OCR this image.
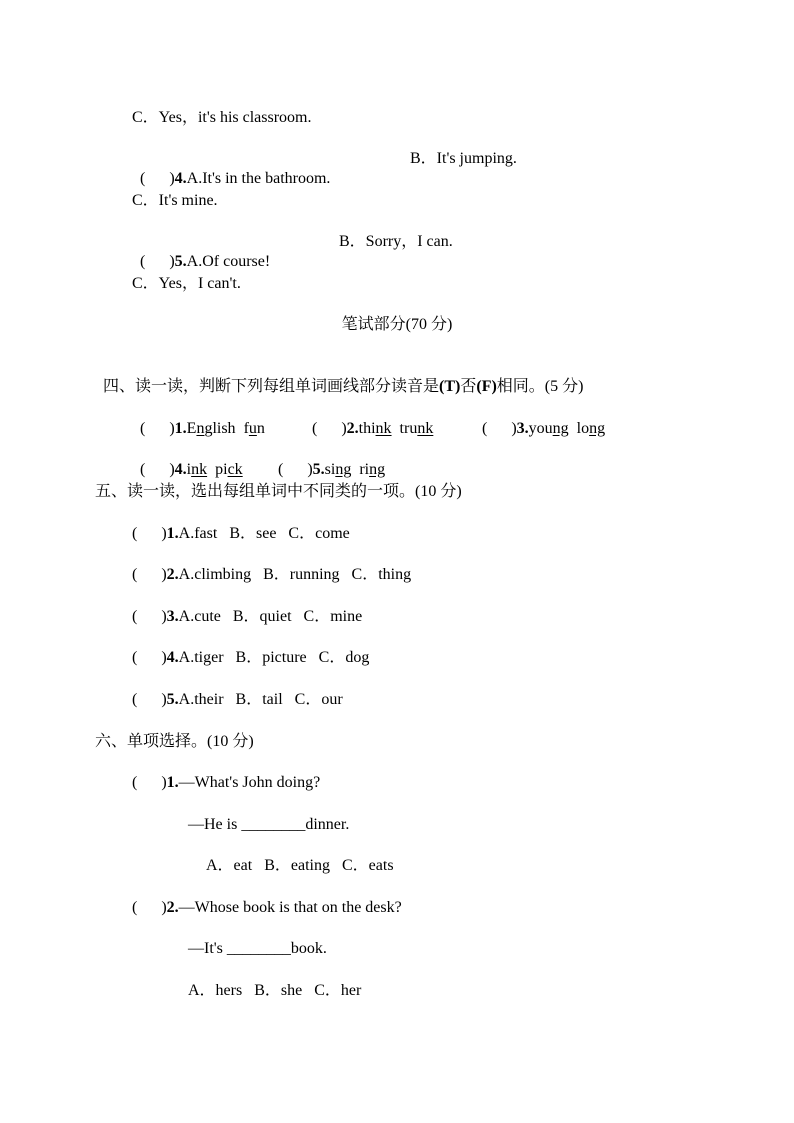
C．Yes，it's his classroom.

(      )4.A.It's in the bathroom.

B．It's jumping.
C．It's mine.

(      )5.A.Of course!

B．Sorry，I can.
C．Yes，I can't.
笔试部分(70 分)

四、读一读，判断下列每组单词画线部分读音是(T)否(F)相同。(5 分)

(      )1.English fun	(      )2.think trunk	(      )3.young long

(      )4.ink pick	(      )5.sing ring

五、读一读，选出每组单词中不同类的一项。(10 分)
(      )1.A.fast B．see C．come
(      )2.A.climbing B．running C．thing
(      )3.A.cute B．quiet C．mine
(      )4.A.tiger B．picture C．dog
(      )5.A.their B．tail C．our
六、单项选择。(10 分)
(      )1.—What's John doing?
—He is ________dinner.
A．eat B．eating C．eats
(      )2.—Whose book is that on the desk?
—It's ________book.
A．hers B．she C．her
